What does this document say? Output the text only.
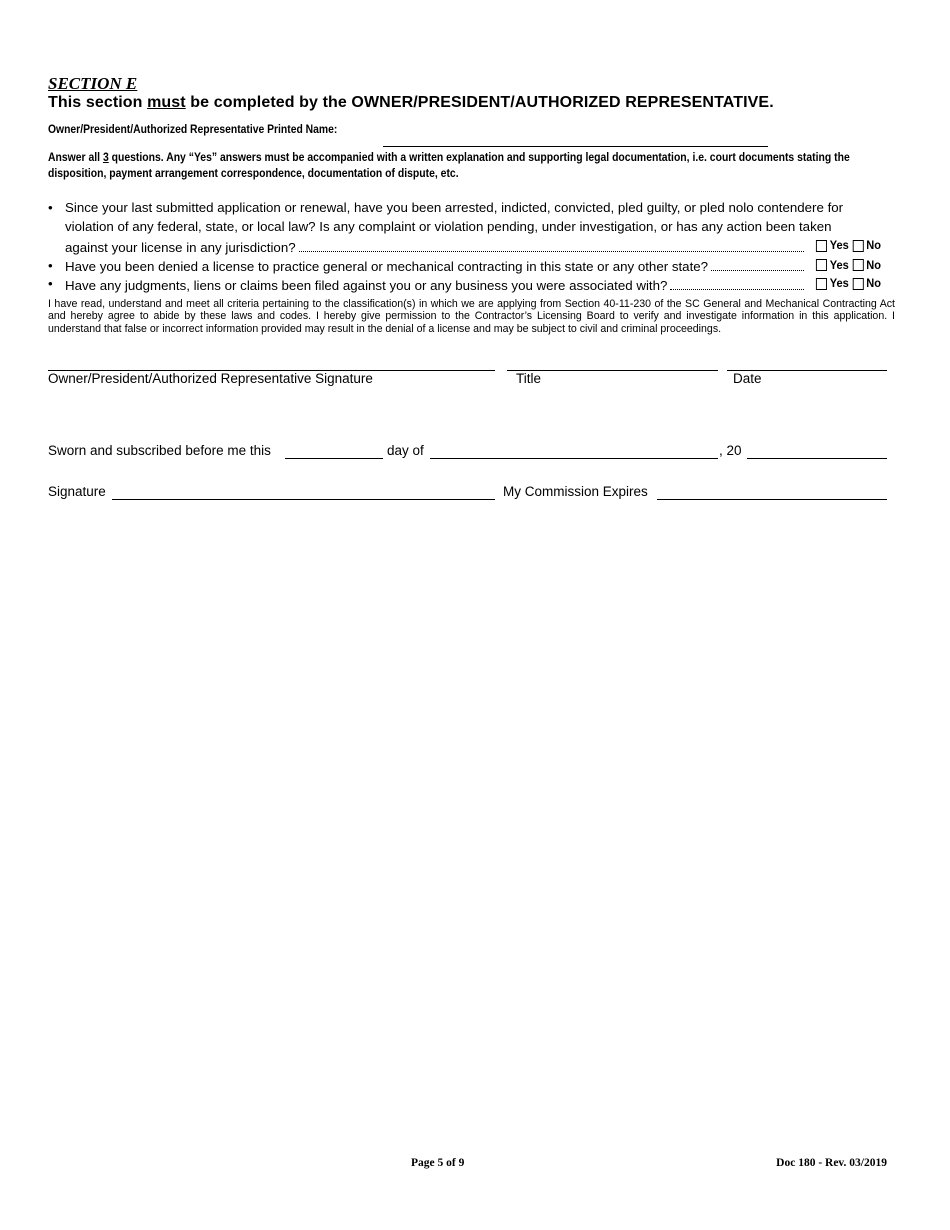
SECTION E
This section must be completed by the OWNER/PRESIDENT/AUTHORIZED REPRESENTATIVE.
Owner/President/Authorized Representative Printed Name:
Answer all 3 questions. Any “Yes” answers must be accompanied with a written explanation and supporting legal documentation, i.e. court documents stating the disposition, payment arrangement correspondence, documentation of dispute, etc.
• Since your last submitted application or renewal, have you been arrested, indicted, convicted, pled guilty, or pled nolo contendere for
violation of any federal, state, or local law? Is any complaint or violation pending, under investigation, or has any action been taken
against your license in any jurisdiction?	Yes No
• Have you been denied a license to practice general or mechanical contracting in this state or any other state?	Yes No
• Have any judgments, liens or claims been filed against you or any business you were associated with?	Yes No
I have read, understand and meet all criteria pertaining to the classification(s) in which we are applying from Section 40-11-230 of the SC General and Mechanical Contracting Act and hereby agree to abide by these laws and codes. I hereby give permission to the Contractor’s Licensing Board to verify and investigate information in this application. I understand that false or incorrect information provided may result in the denial of a license and may be subject to civil and criminal proceedings.
Owner/President/Authorized Representative Signature	Title	Date
Sworn and subscribed before me this	day of	, 20
Signature	My Commission Expires
Page 5 of 9	Doc 180 - Rev. 03/2019
